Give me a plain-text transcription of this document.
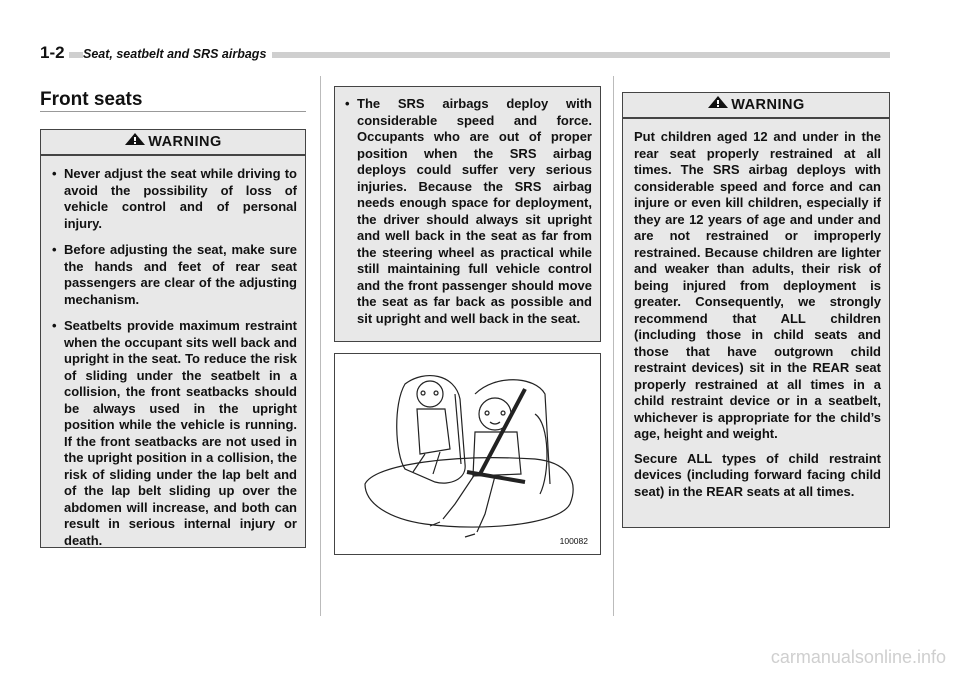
1-2	Seat, seatbelt and SRS airbags
Front seats
WARNING
• Never adjust the seat while driving to avoid the possibility of loss of vehicle control and of personal injury.
• Before adjusting the seat, make sure the hands and feet of rear seat passengers are clear of the adjusting mechanism.
• Seatbelts provide maximum restraint when the occupant sits well back and upright in the seat. To reduce the risk of sliding under the seatbelt in a collision, the front seatbacks should be always used in the upright position while the vehicle is running. If the front seatbacks are not used in the upright position in a collision, the risk of sliding under the lap belt and of the lap belt sliding up over the abdomen will increase, and both can result in serious internal injury or death.
• The SRS airbags deploy with considerable speed and force. Occupants who are out of proper position when the SRS airbag deploys could suffer very serious injuries. Because the SRS airbag needs enough space for deployment, the driver should always sit upright and well back in the seat as far from the steering wheel as practical while still maintaining full vehicle control and the front passenger should move the seat as far back as possible and sit upright and well back in the seat.
100082
WARNING

Put children aged 12 and under in the rear seat properly restrained at all times. The SRS airbag deploys with considerable speed and force and can injure or even kill children, especially if they are 12 years of age and under and are not restrained or improperly restrained. Because children are lighter and weaker than adults, their risk of being injured from deployment is greater. Consequently, we strongly recommend that ALL children (including those in child seats and those that have outgrown child restraint devices) sit in the REAR seat properly restrained at all times in a child restraint device or in a seatbelt, whichever is appropriate for the child’s age, height and weight.

Secure ALL types of child restraint devices (including forward facing child seat) in the REAR seats at all times.

carmanualsonline.info
